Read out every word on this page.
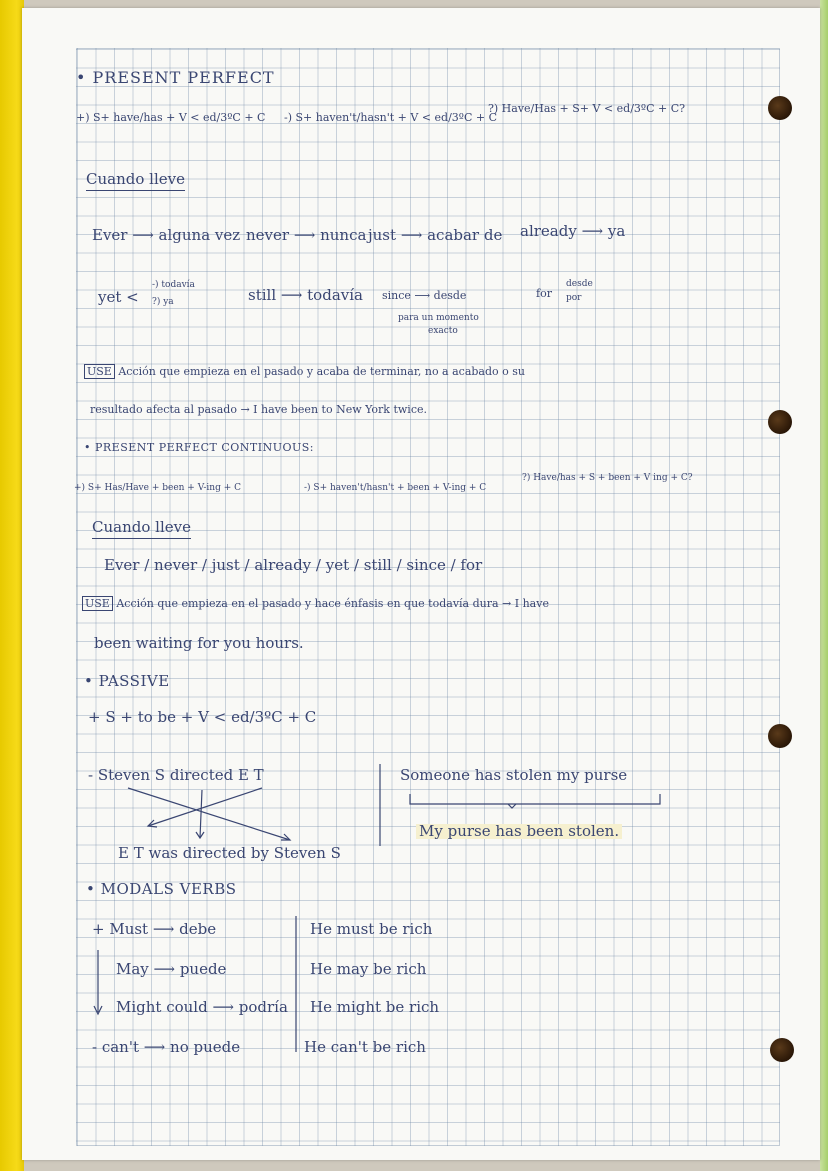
• PRESENT PERFECT
+) S+ have/has + V < ed/3ºC + C -) S+ haven't/hasn't + V < ed/3ºC + C
?) Have/Has + S+ V < ed/3ºC + C?
Cuando lleve
Ever ⟶ alguna vez never ⟶ nunca just ⟶ acabar de already ⟶ ya
yet <
-) todavía
?) ya	still ⟶ todavía since ⟶ desde
para un momento
exacto
for
desde
por
USE Acción que empieza en el pasado y acaba de terminar, no a acabado o su
resultado afecta al pasado → I have been to New York twice.
• PRESENT PERFECT CONTINUOUS:
+) S+ Has/Have + been + V-ing + C	-) S+ haven't/hasn't + been + V-ing + C
?) Have/has + S + been + V ing + C?
Cuando lleve
Ever / never / just / already / yet / still / since / for
USE Acción que empieza en el pasado y hace énfasis en que todavía dura → I have
been waiting for you hours.
• PASSIVE
+ S + to be + V < ed/3ºC + C
- Steven S directed E T
E T was directed by Steven S
Someone has stolen my purse
My purse has been stolen.
• MODALS VERBS
+ Must ⟶ debe
May ⟶ puede
Might could ⟶ podría
- can't ⟶ no puede
He must be rich
He may be rich
He might be rich
He can't be rich
